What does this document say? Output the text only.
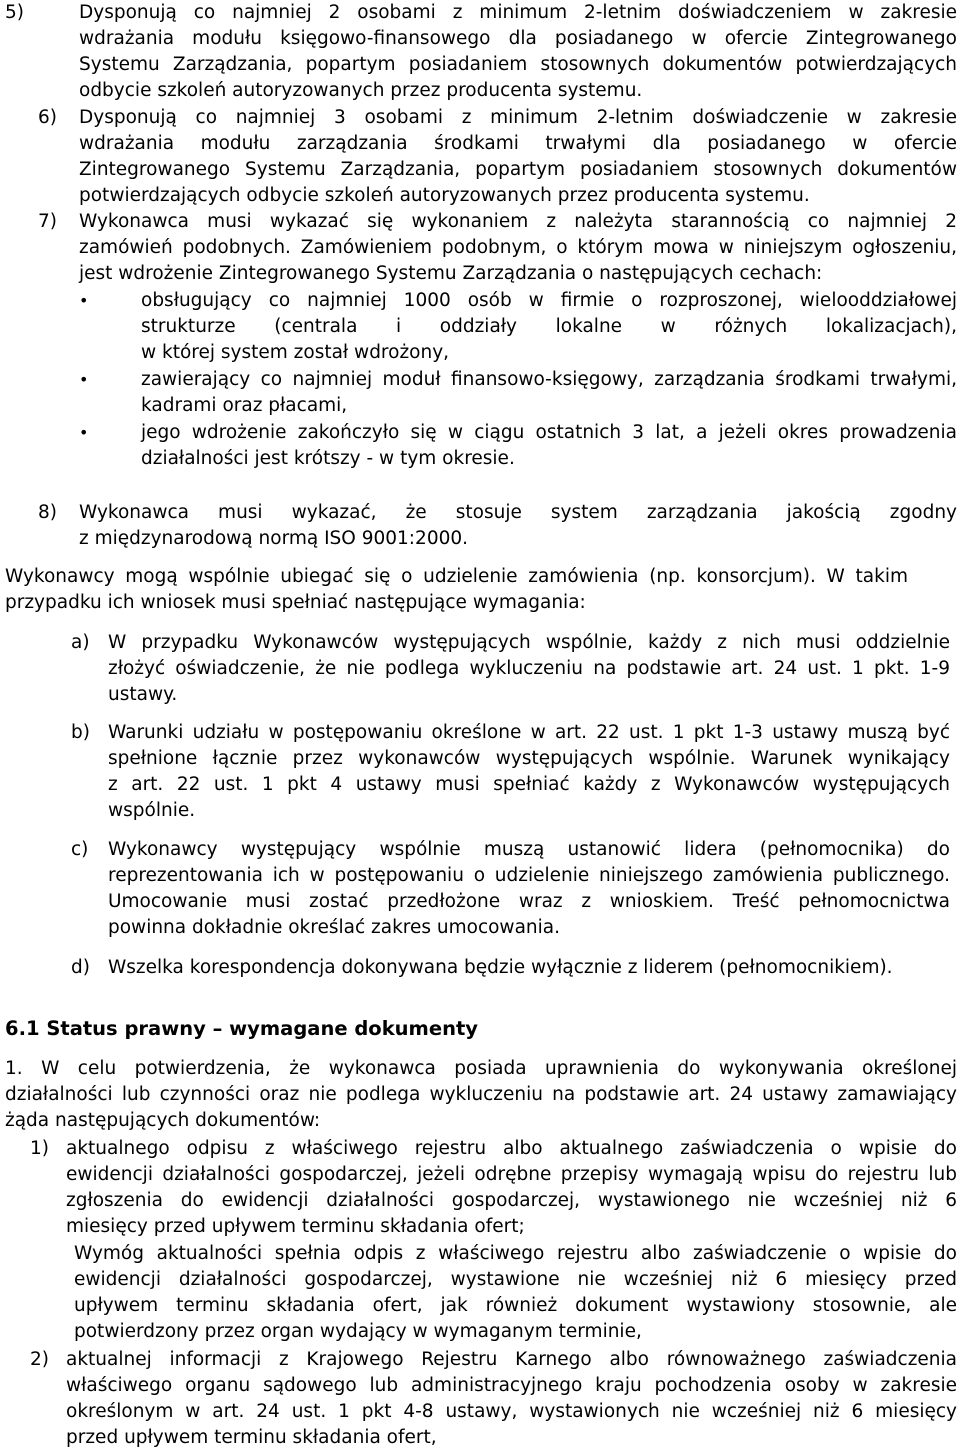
5)	Dysponują co najmniej 2 osobami z minimum 2-letnim doświadczeniem w zakresie
wdrażania modułu księgowo-finansowego dla posiadanego w ofercie Zintegrowanego
Systemu Zarządzania, popartym posiadaniem stosownych dokumentów potwierdzających
odbycie szkoleń autoryzowanych przez producenta systemu.
6) Dysponują co najmniej 3 osobami z minimum 2-letnim doświadczenie w zakresie
wdrażania modułu zarządzania środkami trwałymi dla posiadanego w ofercie
Zintegrowanego Systemu Zarządzania, popartym posiadaniem stosownych dokumentów
potwierdzających odbycie szkoleń autoryzowanych przez producenta systemu.
7) Wykonawca musi wykazać się wykonaniem z należyta starannością co najmniej 2
zamówień podobnych. Zamówieniem podobnym, o którym mowa w niniejszym ogłoszeniu,
jest wdrożenie Zintegrowanego Systemu Zarządzania o następujących cechach:
•	obsługujący co najmniej 1000 osób w firmie o rozproszonej, wielooddziałowej
strukturze (centrala i oddziały lokalne w różnych lokalizacjach),
w której system został wdrożony,
•	zawierający co najmniej moduł finansowo-księgowy, zarządzania środkami trwałymi,
kadrami oraz płacami,
•	jego wdrożenie zakończyło się w ciągu ostatnich 3 lat, a jeżeli okres prowadzenia
działalności jest krótszy - w tym okresie.
8) Wykonawca musi wykazać, że stosuje system zarządzania jakością zgodny
z międzynarodową normą ISO 9001:2000.
Wykonawcy mogą wspólnie ubiegać się o udzielenie zamówienia (np. konsorcjum). W takim
przypadku ich wniosek musi spełniać następujące wymagania:
a) W przypadku Wykonawców występujących wspólnie, każdy z nich musi oddzielnie
złożyć oświadczenie, że nie podlega wykluczeniu na podstawie art. 24 ust. 1 pkt. 1-9
ustawy.
b) Warunki udziału w postępowaniu określone w art. 22 ust. 1 pkt 1-3 ustawy muszą być
spełnione łącznie przez wykonawców występujących wspólnie. Warunek wynikający
z art. 22 ust. 1 pkt 4 ustawy musi spełniać każdy z Wykonawców występujących
wspólnie.
c) Wykonawcy występujący wspólnie muszą ustanowić lidera (pełnomocnika) do
reprezentowania ich w postępowaniu o udzielenie niniejszego zamówienia publicznego.
Umocowanie musi zostać przedłożone wraz z wnioskiem. Treść pełnomocnictwa
powinna dokładnie określać zakres umocowania.
d) Wszelka korespondencja dokonywana będzie wyłącznie z liderem (pełnomocnikiem).
6.1 Status prawny – wymagane dokumenty
1. W celu potwierdzenia, że wykonawca posiada uprawnienia do wykonywania określonej
działalności lub czynności oraz nie podlega wykluczeniu na podstawie art. 24 ustawy zamawiający
żąda następujących dokumentów:
1) aktualnego odpisu z właściwego rejestru albo aktualnego zaświadczenia o wpisie do
ewidencji działalności gospodarczej, jeżeli odrębne przepisy wymagają wpisu do rejestru lub
zgłoszenia do ewidencji działalności gospodarczej, wystawionego nie wcześniej niż 6
miesięcy przed upływem terminu składania ofert;
Wymóg aktualności spełnia odpis z właściwego rejestru albo zaświadczenie o wpisie do
ewidencji działalności gospodarczej, wystawione nie wcześniej niż 6 miesięcy przed
upływem terminu składania ofert, jak również dokument wystawiony stosownie, ale
potwierdzony przez organ wydający w wymaganym terminie,
2) aktualnej informacji z Krajowego Rejestru Karnego albo równoważnego zaświadczenia
właściwego organu sądowego lub administracyjnego kraju pochodzenia osoby w zakresie
określonym w art. 24 ust. 1 pkt 4-8 ustawy, wystawionych nie wcześniej niż 6 miesięcy
przed upływem terminu składania ofert,
